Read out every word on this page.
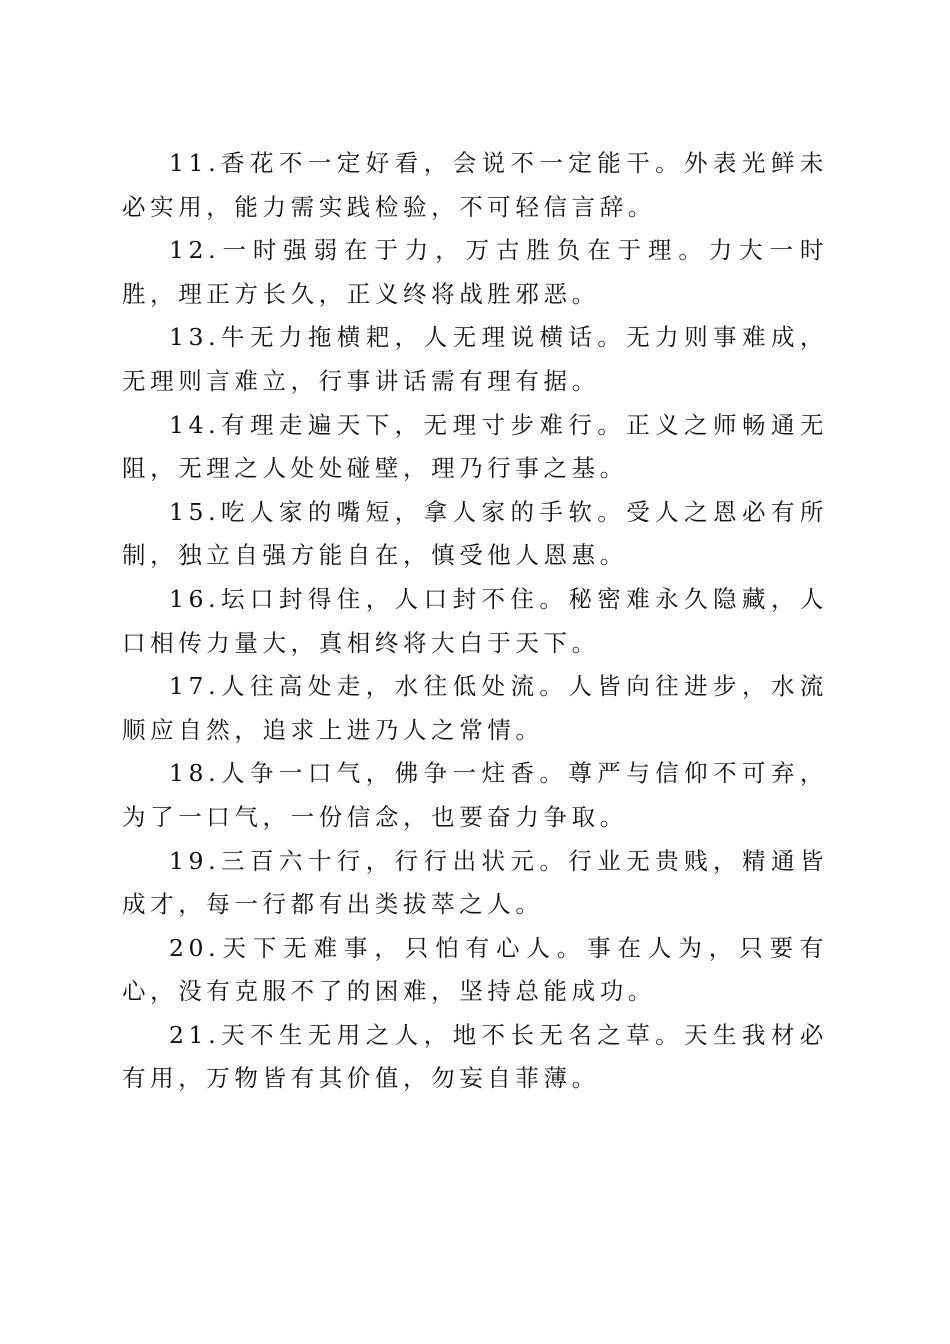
11.香花不一定好看，会说不一定能干。外表光鲜未必实用，能力需实践检验，不可轻信言辞。

12.一时强弱在于力，万古胜负在于理。力大一时胜，理正方长久，正义终将战胜邪恶。

13.牛无力拖横耙，人无理说横话。无力则事难成，无理则言难立，行事讲话需有理有据。

14.有理走遍天下，无理寸步难行。正义之师畅通无阻，无理之人处处碰壁，理乃行事之基。

15.吃人家的嘴短，拿人家的手软。受人之恩必有所制，独立自强方能自在，慎受他人恩惠。

16.坛口封得住，人口封不住。秘密难永久隐藏，人口相传力量大，真相终将大白于天下。

17.人往高处走，水往低处流。人皆向往进步，水流顺应自然，追求上进乃人之常情。

18.人争一口气，佛争一炷香。尊严与信仰不可弃，为了一口气，一份信念，也要奋力争取。

19.三百六十行，行行出状元。行业无贵贱，精通皆成才，每一行都有出类拔萃之人。

20.天下无难事，只怕有心人。事在人为，只要有心，没有克服不了的困难，坚持总能成功。

21.天不生无用之人，地不长无名之草。天生我材必有用，万物皆有其价值，勿妄自菲薄。
